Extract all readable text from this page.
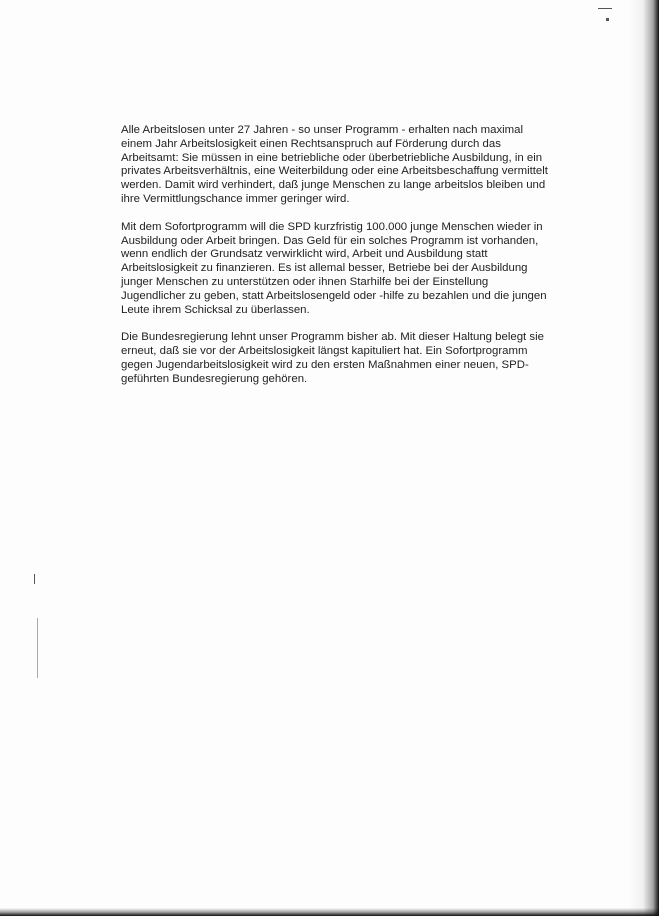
Alle Arbeitslosen unter 27 Jahren - so unser Programm - erhalten nach maximal
einem Jahr Arbeitslosigkeit einen Rechtsanspruch auf Förderung durch das
Arbeitsamt: Sie müssen in eine betriebliche oder überbetriebliche Ausbildung, in ein
privates Arbeitsverhältnis, eine Weiterbildung oder eine Arbeitsbeschaffung vermittelt
werden. Damit wird verhindert, daß junge Menschen zu lange arbeitslos bleiben und
ihre Vermittlungschance immer geringer wird.

Mit dem Sofortprogramm will die SPD kurzfristig 100.000 junge Menschen wieder in
Ausbildung oder Arbeit bringen. Das Geld für ein solches Programm ist vorhanden,
wenn endlich der Grundsatz verwirklicht wird, Arbeit und Ausbildung statt
Arbeitslosigkeit zu finanzieren. Es ist allemal besser, Betriebe bei der Ausbildung
junger Menschen zu unterstützen oder ihnen Starhilfe bei der Einstellung
Jugendlicher zu geben, statt Arbeitslosengeld oder -hilfe zu bezahlen und die jungen
Leute ihrem Schicksal zu überlassen.

Die Bundesregierung lehnt unser Programm bisher ab. Mit dieser Haltung belegt sie
erneut, daß sie vor der Arbeitslosigkeit längst kapituliert hat. Ein Sofortprogramm
gegen Jugendarbeitslosigkeit wird zu den ersten Maßnahmen einer neuen, SPD-
geführten Bundesregierung gehören.
